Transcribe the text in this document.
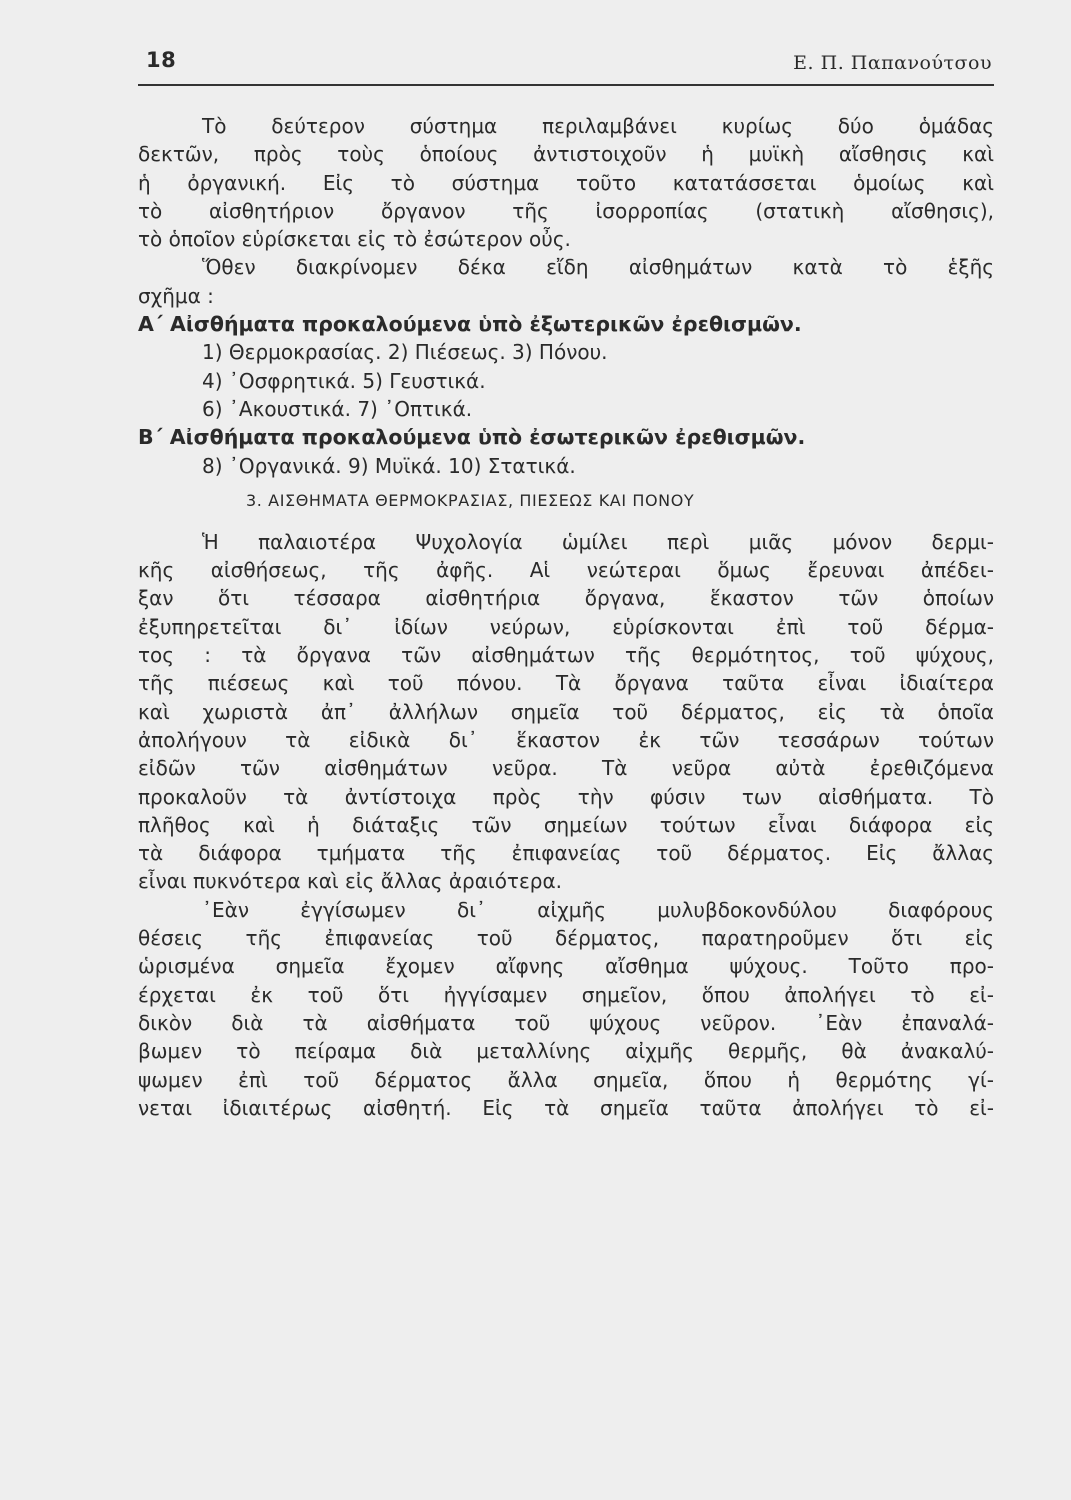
18	Ε. Π. Παπανούτσου
Τὸ δεύτερον σύστημα περιλαμβάνει κυρίως δύο ὁμάδας
δεκτῶν, πρὸς τοὺς ὁποίους ἀντιστοιχοῦν ἡ μυϊκὴ αἴσθησις καὶ
ἡ ὀργανική. Εἰς τὸ σύστημα τοῦτο κατατάσσεται ὁμοίως καὶ
τὸ αἰσθητήριον ὄργανον τῆς ἰσορροπίας (στατικὴ αἴσθησις),
τὸ ὁποῖον εὑρίσκεται εἰς τὸ ἐσώτερον οὖς.
Ὅθεν διακρίνομεν δέκα εἴδη αἰσθημάτων κατὰ τὸ ἑξῆς
σχῆμα :
Α΄ Αἰσθήματα προκαλούμενα ὑπὸ ἐξωτερικῶν ἐρεθισμῶν.
1) Θερμοκρασίας. 2) Πιέσεως. 3) Πόνου.
4) ᾿Οσφρητικά. 5) Γευστικά.
6) ᾿Ακουστικά. 7) ᾿Οπτικά.
Β΄ Αἰσθήματα προκαλούμενα ὑπὸ ἐσωτερικῶν ἐρεθισμῶν.
8) ᾿Οργανικά. 9) Μυϊκά. 10) Στατικά.
3. ΑΙΣΘΗΜΑΤΑ ΘΕΡΜΟΚΡΑΣΙΑΣ, ΠΙΕΣΕΩΣ ΚΑΙ ΠΟΝΟΥ
Ἡ παλαιοτέρα Ψυχολογία ὡμίλει περὶ μιᾶς μόνον δερμι-
κῆς αἰσθήσεως, τῆς ἀφῆς. Αἱ νεώτεραι ὅμως ἔρευναι ἀπέδει-
ξαν ὅτι τέσσαρα αἰσθητήρια ὄργανα, ἕκαστον τῶν ὁποίων
ἐξυπηρετεῖται δι᾿ ἰδίων νεύρων, εὑρίσκονται ἐπὶ τοῦ δέρμα-
τος : τὰ ὄργανα τῶν αἰσθημάτων τῆς θερμότητος, τοῦ ψύχους,
τῆς πιέσεως καὶ τοῦ πόνου. Τὰ ὄργανα ταῦτα εἶναι ἰδιαίτερα
καὶ χωριστὰ ἀπ᾿ ἀλλήλων σημεῖα τοῦ δέρματος, εἰς τὰ ὁποῖα
ἀπολήγουν τὰ εἰδικὰ δι᾿ ἕκαστον ἐκ τῶν τεσσάρων τούτων
εἰδῶν τῶν αἰσθημάτων νεῦρα. Τὰ νεῦρα αὐτὰ ἐρεθιζόμενα
προκαλοῦν τὰ ἀντίστοιχα πρὸς τὴν φύσιν των αἰσθήματα. Τὸ
πλῆθος καὶ ἡ διάταξις τῶν σημείων τούτων εἶναι διάφορα εἰς
τὰ διάφορα τμήματα τῆς ἐπιφανείας τοῦ δέρματος. Εἰς ἄλλας
εἶναι πυκνότερα καὶ εἰς ἄλλας ἀραιότερα.
᾿Εὰν ἐγγίσωμεν δι᾿ αἰχμῆς μυλυβδοκονδύλου διαφόρους
θέσεις τῆς ἐπιφανείας τοῦ δέρματος, παρατηροῦμεν ὅτι εἰς
ὡρισμένα σημεῖα ἔχομεν αἴφνης αἴσθημα ψύχους. Τοῦτο προ-
έρχεται ἐκ τοῦ ὅτι ἠγγίσαμεν σημεῖον, ὅπου ἀπολήγει τὸ εἰ-
δικὸν διὰ τὰ αἰσθήματα τοῦ ψύχους νεῦρον. ᾿Εὰν ἐπαναλά-
βωμεν τὸ πείραμα διὰ μεταλλίνης αἰχμῆς θερμῆς, θὰ ἀνακαλύ-
ψωμεν ἐπὶ τοῦ δέρματος ἄλλα σημεῖα, ὅπου ἡ θερμότης γί-
νεται ἰδιαιτέρως αἰσθητή. Εἰς τὰ σημεῖα ταῦτα ἀπολήγει τὸ εἰ-
